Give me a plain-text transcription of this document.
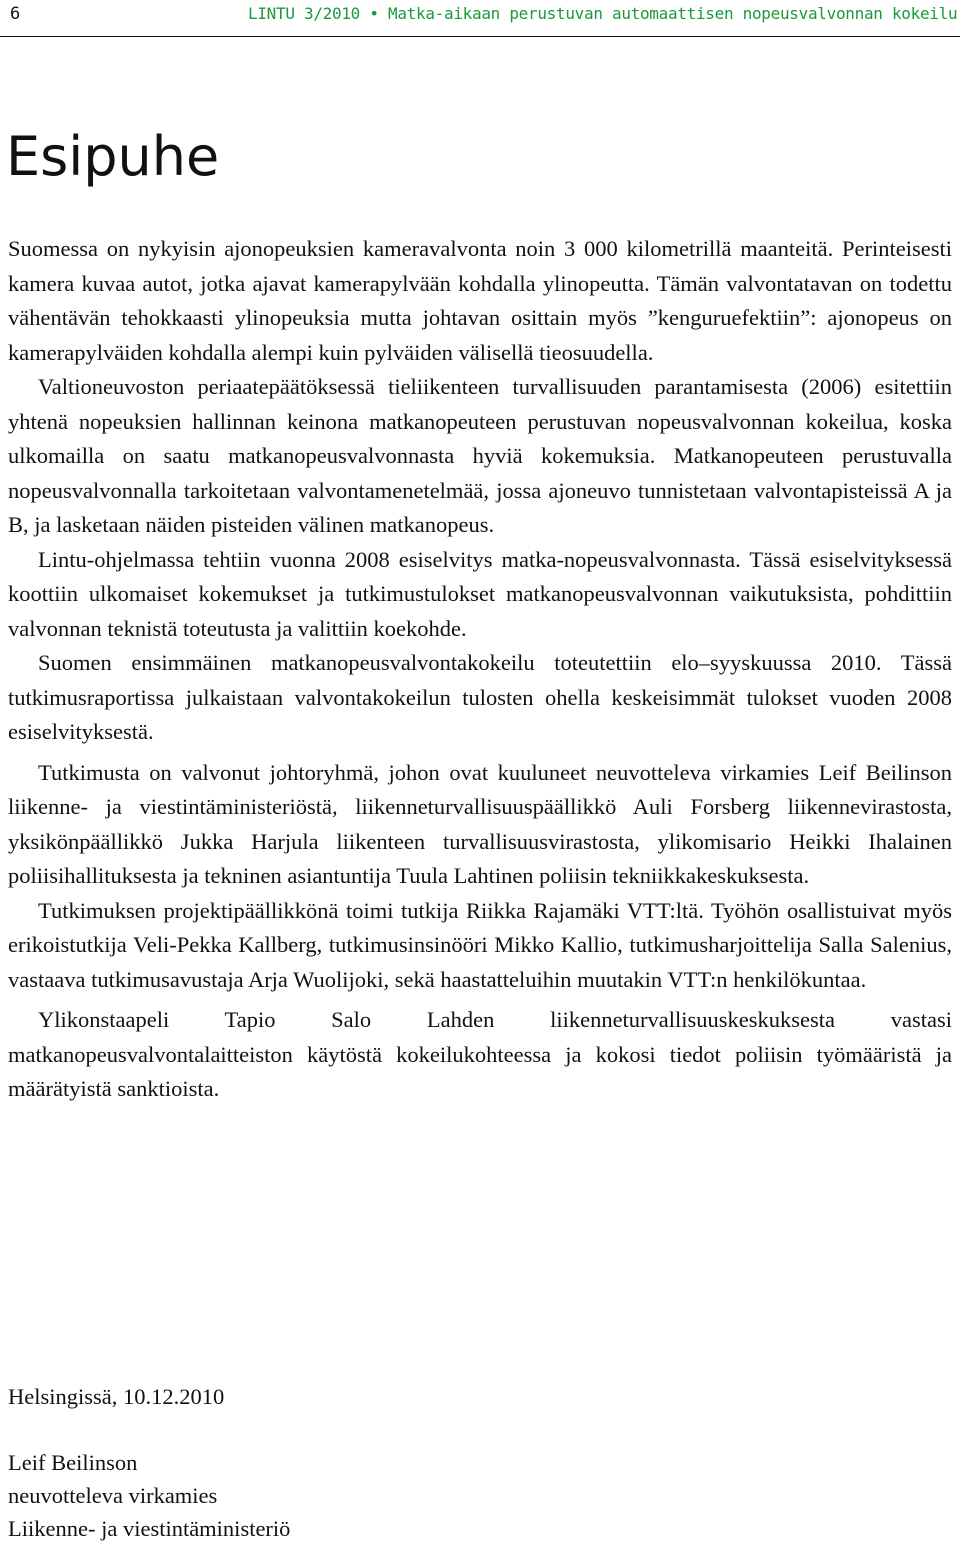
6	LINTU 3/2010 • Matka-aikaan perustuvan automaattisen nopeusvalvonnan kokeilu
Esipuhe

Suomessa on nykyisin ajonopeuksien kameravalvonta noin 3 000 kilometrillä maanteitä. Perinteisesti kamera kuvaa autot, jotka ajavat kamerapylvään kohdalla ylinopeutta. Tämän valvontatavan on todettu vähentävän tehokkaasti ylinopeuksia mutta johtavan osittain myös ”kenguruefektiin”: ajonopeus on kamerapylväiden kohdalla alempi kuin pylväiden välisellä tieosuudella.

Valtioneuvoston periaatepäätöksessä tieliikenteen turvallisuuden parantamisesta (2006) esitettiin yhtenä nopeuksien hallinnan keinona matkanopeuteen perustuvan nopeusvalvonnan kokeilua, koska ulkomailla on saatu matkanopeusvalvonnasta hyviä kokemuksia. Matkanopeuteen perustuvalla nopeusvalvonnalla tarkoitetaan valvontamenetelmää, jossa ajoneuvo tunnistetaan valvontapisteissä A ja B, ja lasketaan näiden pisteiden välinen matkanopeus.

Lintu-ohjelmassa tehtiin vuonna 2008 esiselvitys matka-nopeusvalvonnasta. Tässä esiselvityksessä koottiin ulkomaiset kokemukset ja tutkimustulokset matkanopeusvalvonnan vaikutuksista, pohdittiin valvonnan teknistä toteutusta ja valittiin koekohde.

Suomen ensimmäinen matkanopeusvalvontakokeilu toteutettiin elo–syyskuussa 2010. Tässä tutkimusraportissa julkaistaan valvontakokeilun tulosten ohella keskeisimmät tulokset vuoden 2008 esiselvityksestä.

Tutkimusta on valvonut johtoryhmä, johon ovat kuuluneet neuvotteleva virkamies Leif Beilinson liikenne- ja viestintäministeriöstä, liikenneturvallisuuspäällikkö Auli Forsberg liikennevirastosta, yksikönpäällikkö Jukka Harjula liikenteen turvallisuusvirastosta, ylikomisario Heikki Ihalainen poliisihallituksesta ja tekninen asiantuntija Tuula Lahtinen poliisin tekniikkakeskuksesta.

Tutkimuksen projektipäällikkönä toimi tutkija Riikka Rajamäki VTT:ltä. Työhön osallistuivat myös erikoistutkija Veli-Pekka Kallberg, tutkimusinsinööri Mikko Kallio, tutkimusharjoittelija Salla Salenius, vastaava tutkimusavustaja Arja Wuolijoki, sekä haastatteluihin muutakin VTT:n henkilökuntaa.

Ylikonstaapeli Tapio Salo Lahden liikenneturvallisuuskeskuksesta vastasi matkanopeusvalvontalaitteiston käytöstä kokeilukohteessa ja kokosi tiedot poliisin työmääristä ja määrätyistä sanktioista.

Helsingissä, 10.12.2010

Leif Beilinson

neuvotteleva virkamies

Liikenne- ja viestintäministeriö
